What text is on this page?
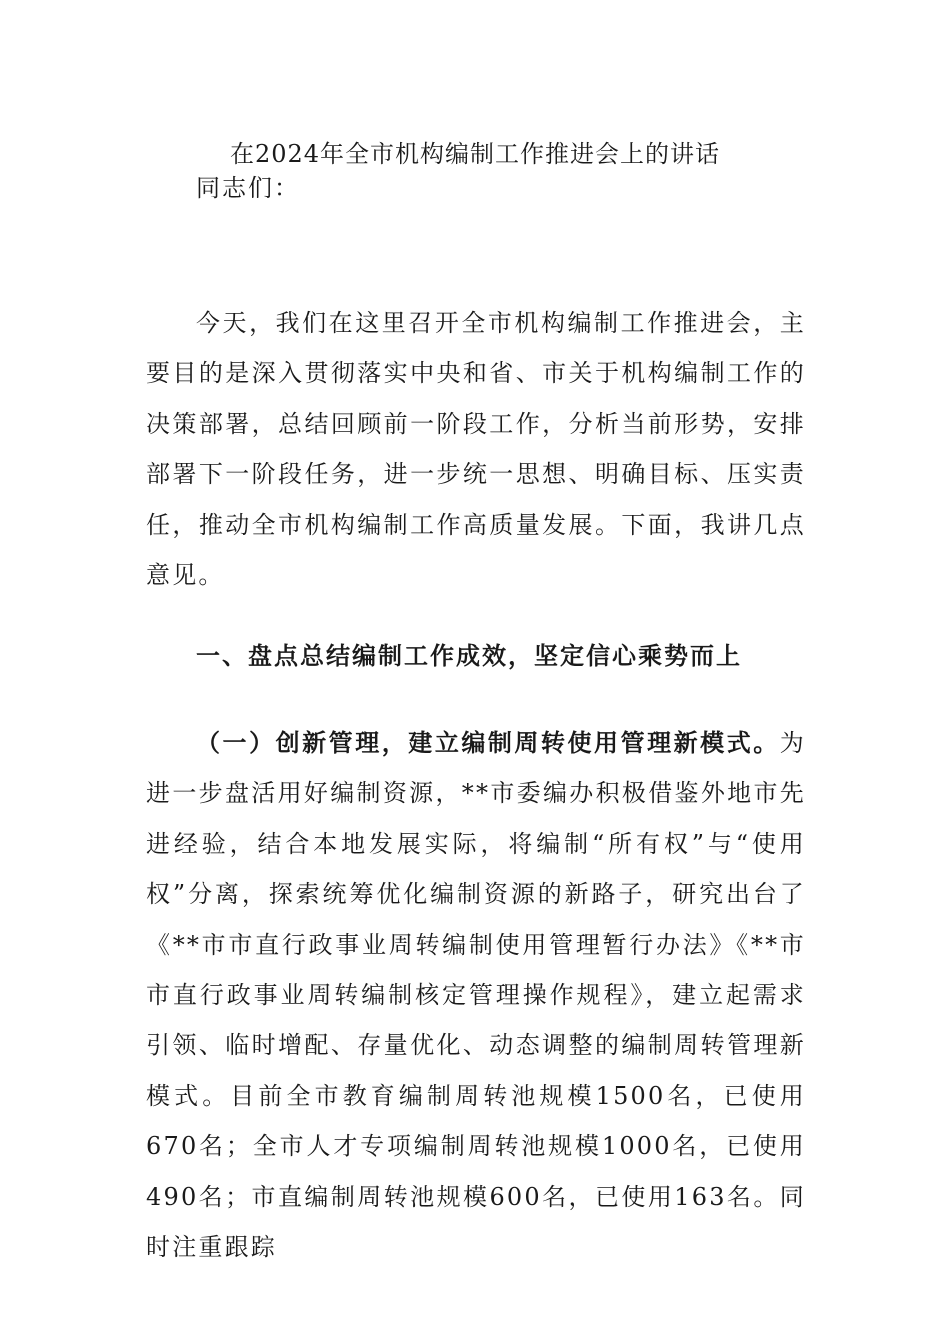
在2024年全市机构编制工作推进会上的讲话
同志们：

今天，我们在这里召开全市机构编制工作推进会，主要目的是深入贯彻落实中央和省、市关于机构编制工作的决策部署，总结回顾前一阶段工作，分析当前形势，安排部署下一阶段任务，进一步统一思想、明确目标、压实责任，推动全市机构编制工作高质量发展。下面，我讲几点意见。

一、盘点总结编制工作成效，坚定信心乘势而上

（一）创新管理，建立编制周转使用管理新模式。为进一步盘活用好编制资源，**市委编办积极借鉴外地市先进经验，结合本地发展实际，将编制“所有权”与“使用权”分离，探索统筹优化编制资源的新路子，研究出台了《**市市直行政事业周转编制使用管理暂行办法》《**市市直行政事业周转编制核定管理操作规程》，建立起需求引领、临时增配、存量优化、动态调整的编制周转管理新模式。目前全市教育编制周转池规模1500名，已使用670名；全市人才专项编制周转池规模1000名，已使用490名；市直编制周转池规模600名，已使用163名。同时注重跟踪
